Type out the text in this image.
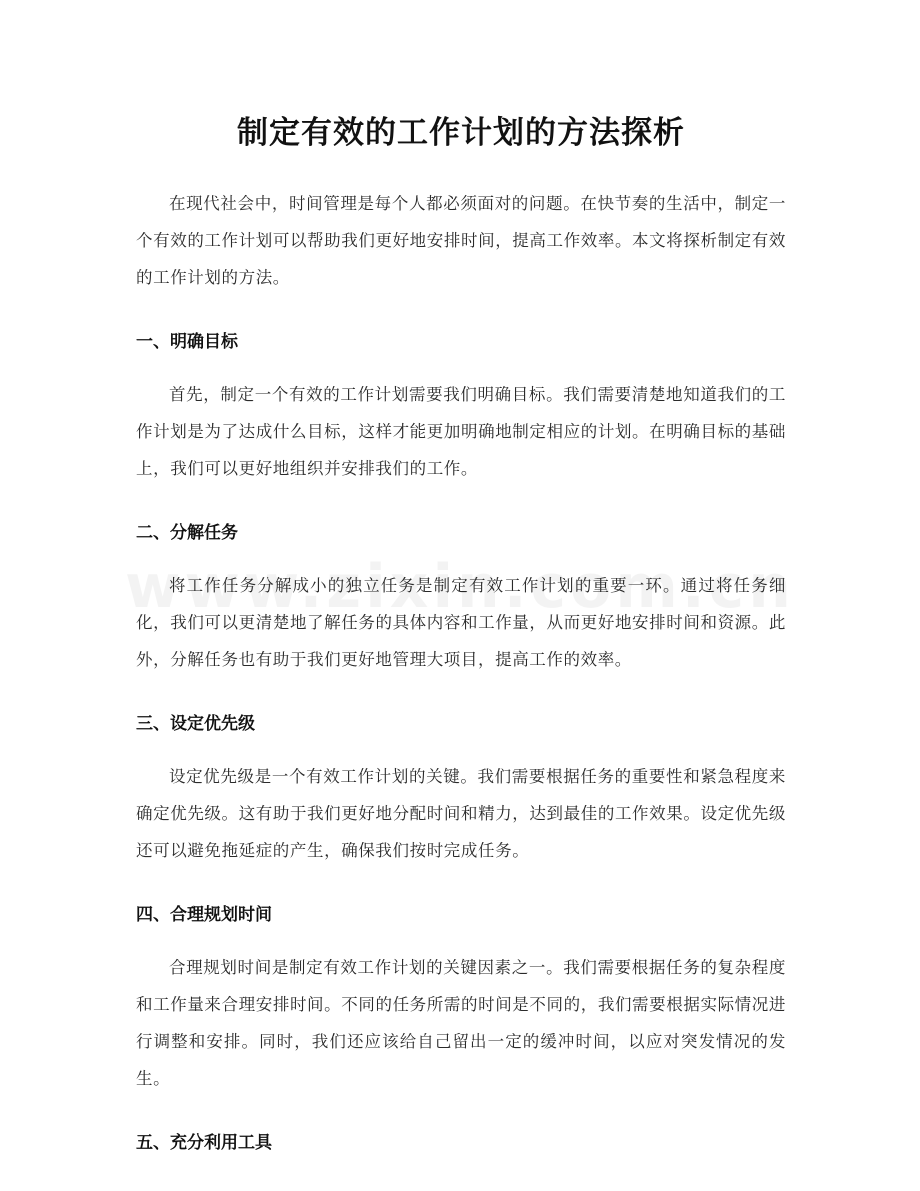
制定有效的工作计划的方法探析

在现代社会中，时间管理是每个人都必须面对的问题。在快节奏的生活中，制定一个有效的工作计划可以帮助我们更好地安排时间，提高工作效率。本文将探析制定有效的工作计划的方法。

一、明确目标

首先，制定一个有效的工作计划需要我们明确目标。我们需要清楚地知道我们的工作计划是为了达成什么目标，这样才能更加明确地制定相应的计划。在明确目标的基础上，我们可以更好地组织并安排我们的工作。

二、分解任务

将工作任务分解成小的独立任务是制定有效工作计划的重要一环。通过将任务细化，我们可以更清楚地了解任务的具体内容和工作量，从而更好地安排时间和资源。此外，分解任务也有助于我们更好地管理大项目，提高工作的效率。

三、设定优先级

设定优先级是一个有效工作计划的关键。我们需要根据任务的重要性和紧急程度来确定优先级。这有助于我们更好地分配时间和精力，达到最佳的工作效果。设定优先级还可以避免拖延症的产生，确保我们按时完成任务。

四、合理规划时间

合理规划时间是制定有效工作计划的关键因素之一。我们需要根据任务的复杂程度和工作量来合理安排时间。不同的任务所需的时间是不同的，我们需要根据实际情况进行调整和安排。同时，我们还应该给自己留出一定的缓冲时间，以应对突发情况的发生。

五、充分利用工具
